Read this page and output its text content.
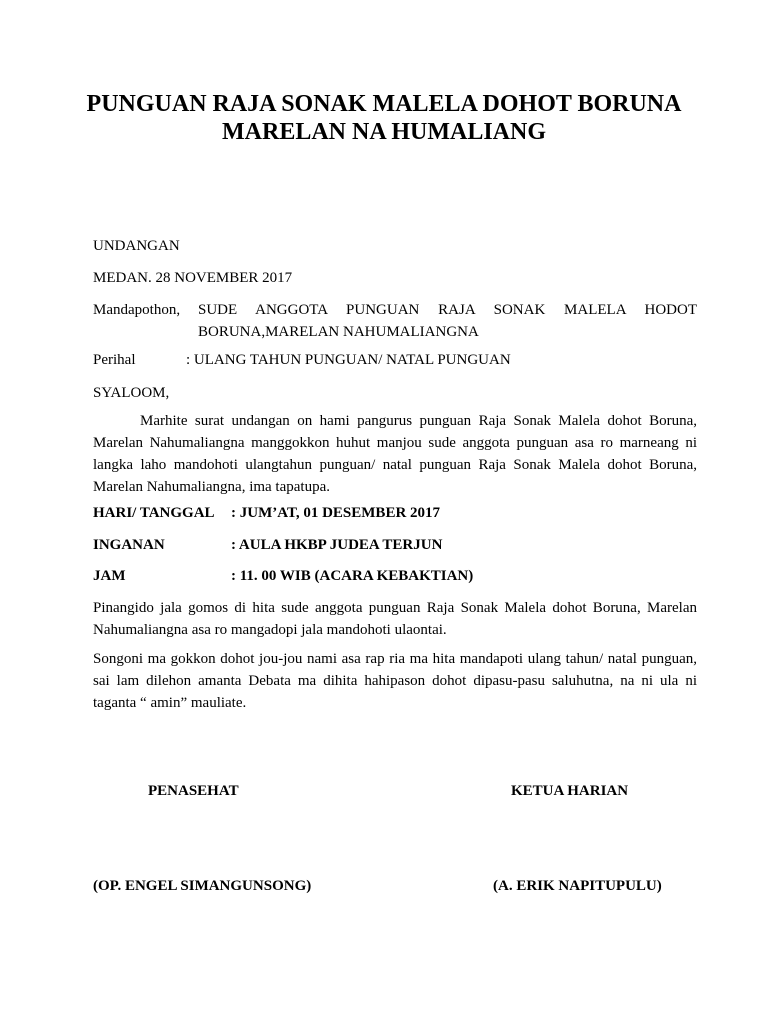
PUNGUAN RAJA SONAK MALELA DOHOT BORUNA
MARELAN NA HUMALIANG
UNDANGAN
MEDAN. 28 NOVEMBER 2017
Mandapothon, SUDE ANGGOTA PUNGUAN RAJA SONAK MALELA HODOT
BORUNA,MARELAN NAHUMALIANGNA
Perihal	: ULANG TAHUN PUNGUAN/ NATAL PUNGUAN
SYALOOM,
Marhite surat undangan on hami pangurus punguan Raja Sonak Malela dohot Boruna, Marelan Nahumaliangna manggokkon huhut manjou sude anggota punguan asa ro marneang ni langka laho mandohoti ulangtahun punguan/ natal punguan Raja Sonak Malela dohot Boruna, Marelan Nahumaliangna, ima tapatupa.
HARI/ TANGGAL : JUM’AT, 01 DESEMBER 2017
INGANAN	: AULA HKBP JUDEA TERJUN
JAM	: 11. 00 WIB (ACARA KEBAKTIAN)
Pinangido jala gomos di hita sude anggota punguan Raja Sonak Malela dohot Boruna, Marelan Nahumaliangna asa ro mangadopi jala mandohoti ulaontai.
Songoni ma gokkon dohot jou-jou nami asa rap ria ma hita mandapoti ulang tahun/ natal punguan, sai lam dilehon amanta Debata ma dihita hahipason dohot dipasu-pasu saluhutna, na ni ula ni taganta “ amin” mauliate.
PENASEHAT	KETUA HARIAN
(OP. ENGEL SIMANGUNSONG)	(A. ERIK NAPITUPULU)
